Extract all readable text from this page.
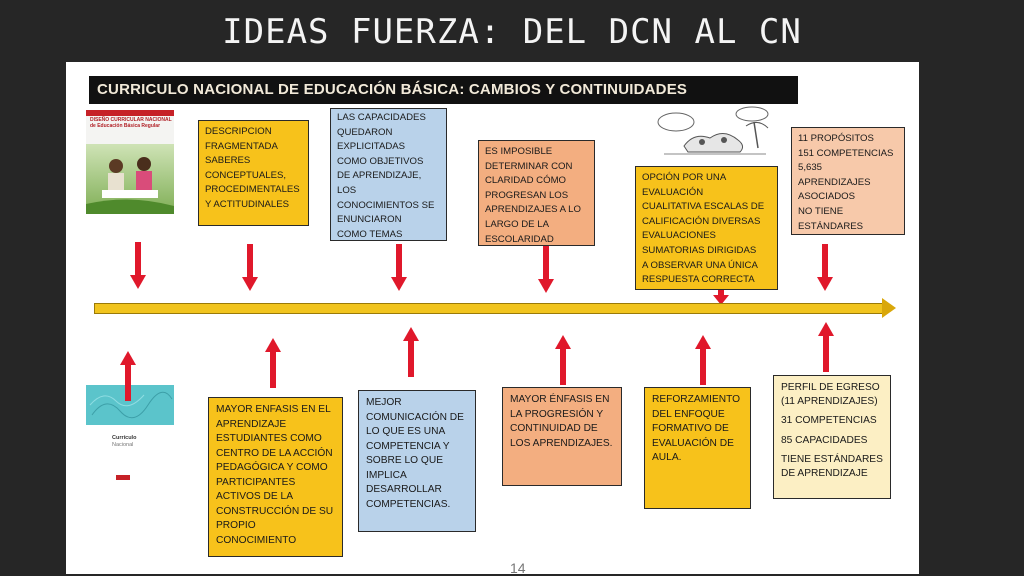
IDEAS FUERZA: DEL DCN AL CN
CURRICULO NACIONAL DE EDUCACIÓN BÁSICA: CAMBIOS Y CONTINUIDADES
DISEÑO CURRICULAR NACIONAL
de Educación Básica Regular
Currículo
Nacional
DESCRIPCION
FRAGMENTADA
SABERES
CONCEPTUALES,
PROCEDIMENTALES
Y ACTITUDINALES
LAS CAPACIDADES
QUEDARON
EXPLICITADAS
COMO OBJETIVOS
DE APRENDIZAJE,
LOS
CONOCIMIENTOS SE
ENUNCIARON
COMO TEMAS
ES IMPOSIBLE
DETERMINAR CON
CLARIDAD CÓMO
PROGRESAN LOS
APRENDIZAJES A LO
LARGO DE LA
ESCOLARIDAD
OPCIÓN POR UNA
EVALUACIÓN
CUALITATIVA ESCALAS DE
CALIFICACIÓN DIVERSAS
EVALUACIONES
SUMATORIAS DIRIGIDAS
A OBSERVAR UNA ÚNICA
RESPUESTA CORRECTA
11 PROPÓSITOS
151 COMPETENCIAS
5,635
APRENDIZAJES
ASOCIADOS
NO TIENE
ESTÁNDARES
MAYOR ENFASIS EN EL
APRENDIZAJE
ESTUDIANTES COMO
CENTRO DE LA ACCIÓN
PEDAGÓGICA Y COMO
PARTICIPANTES
ACTIVOS DE LA
CONSTRUCCIÓN DE SU
PROPIO
CONOCIMIENTO
MEJOR
COMUNICACIÓN DE
LO QUE ES UNA
COMPETENCIA Y
SOBRE LO QUE
IMPLICA
DESARROLLAR
COMPETENCIAS.
MAYOR ÉNFASIS EN
LA PROGRESIÓN Y
CONTINUIDAD DE
LOS APRENDIZAJES.
REFORZAMIENTO
DEL ENFOQUE
FORMATIVO DE
EVALUACIÓN DE
AULA.
PERFIL DE EGRESO
(11 APRENDIZAJES)
31 COMPETENCIAS
85 CAPACIDADES
TIENE ESTÁNDARES
DE APRENDIZAJE
14
